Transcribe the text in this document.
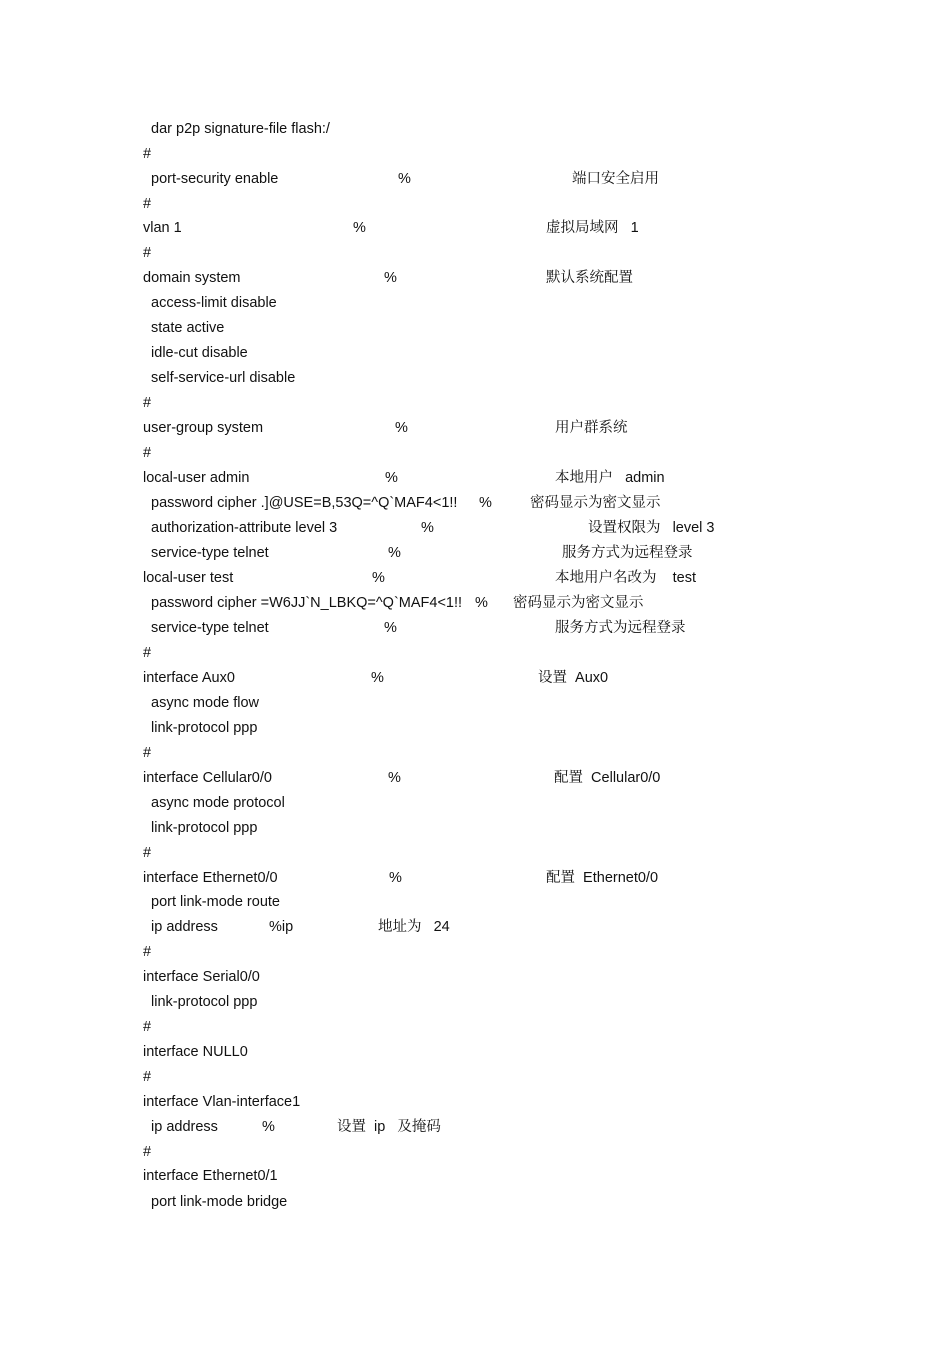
dar p2p signature-file flash:/
#
port-security enable	%	端口安全启用
#
vlan 1	%	虚拟局域网   1
#
domain system	%	默认系统配置
access-limit disable
state active
idle-cut disable
self-service-url disable
#
user-group system	%	用户群系统
#
local-user admin	%	本地用户   admin
password cipher .]@USE=B,53Q=^Q`MAF4<1!! %	密码显示为密文显示
authorization-attribute level 3	%	设置权限为   level 3
service-type telnet	%	服务方式为远程登录
local-user test	%	本地用户名改为    test
password cipher =W6JJ`N_LBKQ=^Q`MAF4<1!! % 密码显示为密文显示
service-type telnet	%	服务方式为远程登录
#
interface Aux0	%	设置  Aux0
async mode flow
link-protocol ppp
#
interface Cellular0/0	%	配置  Cellular0/0
async mode protocol
link-protocol ppp
#
interface Ethernet0/0	%	配置  Ethernet0/0
port link-mode route
ip address	%ip	地址为   24
#
interface Serial0/0
link-protocol ppp
#
interface NULL0
#
interface Vlan-interface1
ip address	%	设置  ip   及掩码
#
interface Ethernet0/1
port link-mode bridge
